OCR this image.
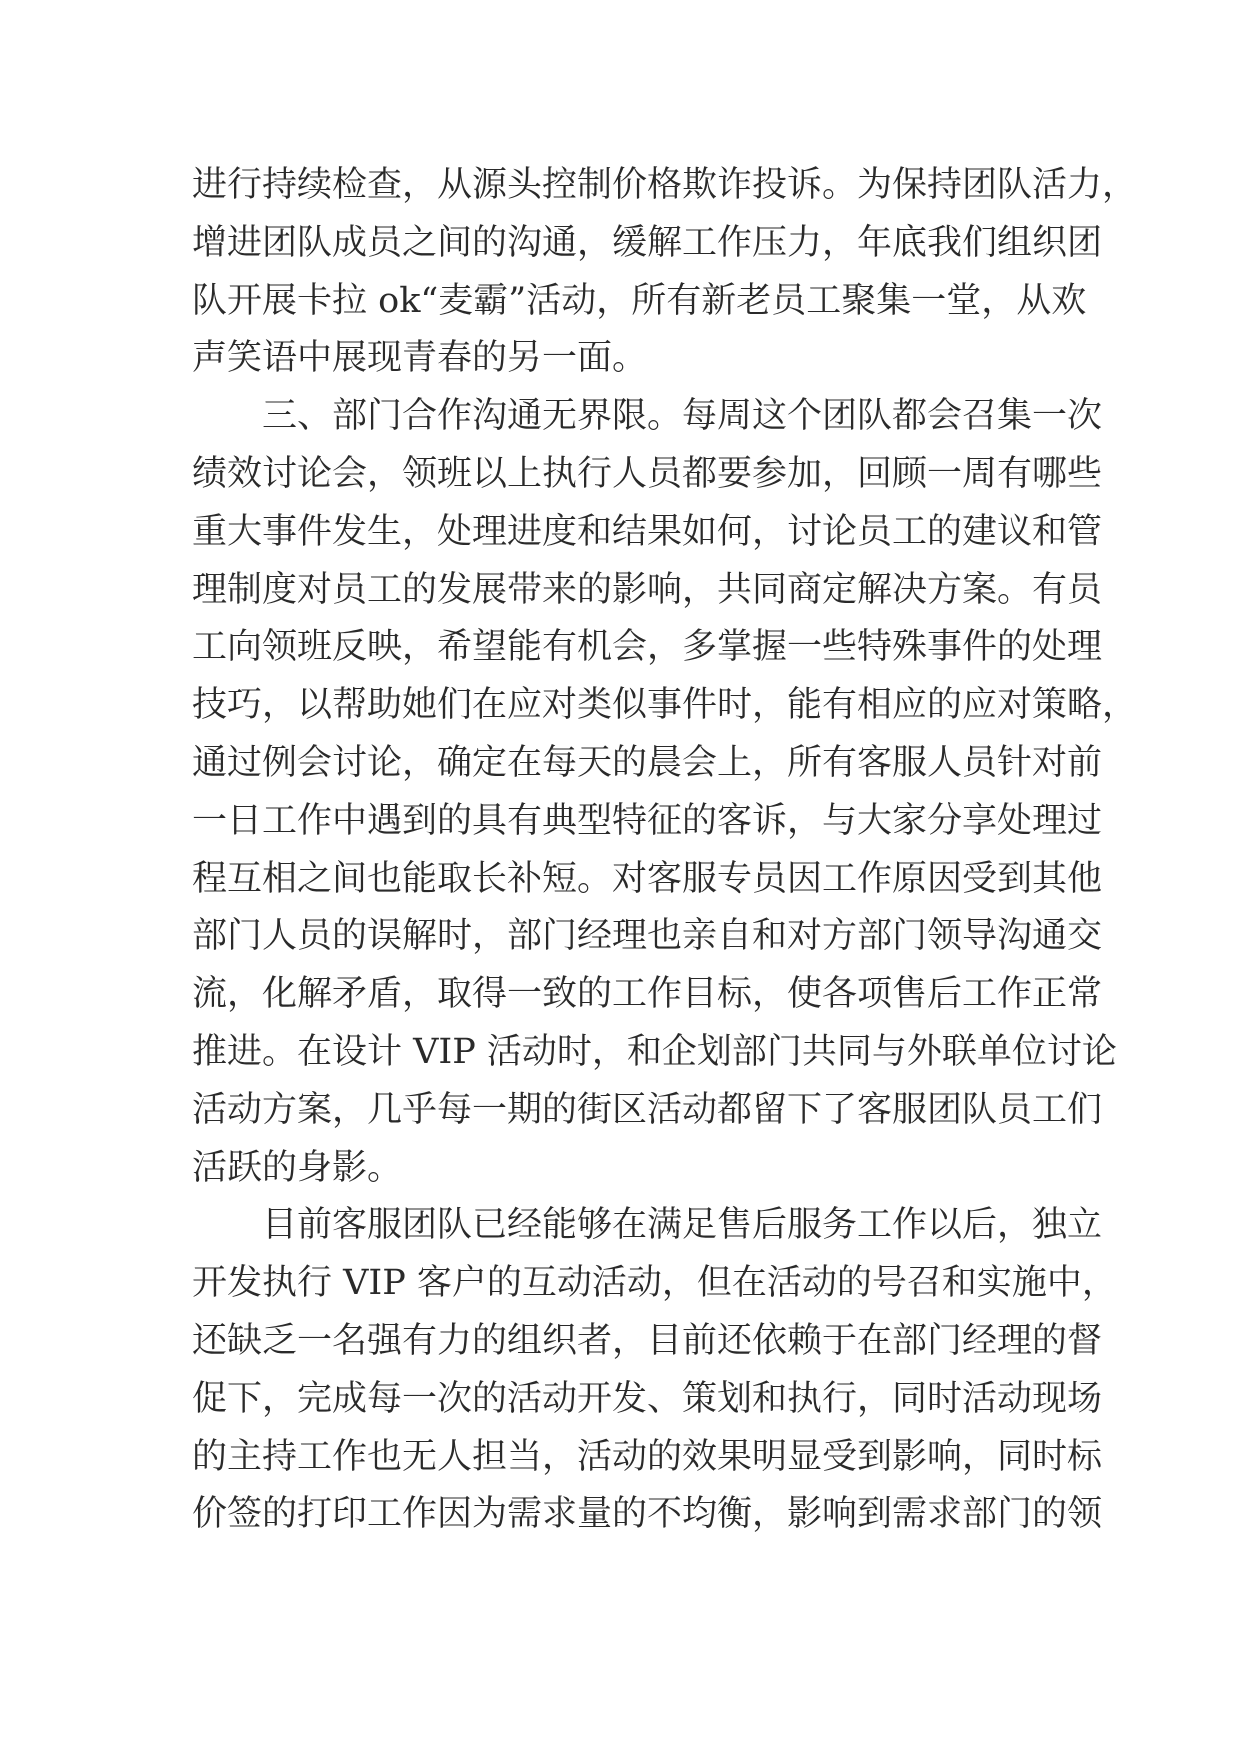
进行持续检查，从源头控制价格欺诈投诉。为保持团队活力，
增进团队成员之间的沟通，缓解工作压力，年底我们组织团
队开展卡拉 ok“麦霸”活动，所有新老员工聚集一堂，从欢
声笑语中展现青春的另一面。
三、部门合作沟通无界限。每周这个团队都会召集一次
绩效讨论会，领班以上执行人员都要参加，回顾一周有哪些
重大事件发生，处理进度和结果如何，讨论员工的建议和管
理制度对员工的发展带来的影响，共同商定解决方案。有员
工向领班反映，希望能有机会，多掌握一些特殊事件的处理
技巧，以帮助她们在应对类似事件时，能有相应的应对策略，
通过例会讨论，确定在每天的晨会上，所有客服人员针对前
一日工作中遇到的具有典型特征的客诉，与大家分享处理过
程互相之间也能取长补短。对客服专员因工作原因受到其他
部门人员的误解时，部门经理也亲自和对方部门领导沟通交
流，化解矛盾，取得一致的工作目标，使各项售后工作正常
推进。在设计 VIP 活动时，和企划部门共同与外联单位讨论
活动方案，几乎每一期的街区活动都留下了客服团队员工们
活跃的身影。
目前客服团队已经能够在满足售后服务工作以后，独立
开发执行 VIP 客户的互动活动，但在活动的号召和实施中，
还缺乏一名强有力的组织者，目前还依赖于在部门经理的督
促下，完成每一次的活动开发、策划和执行，同时活动现场
的主持工作也无人担当，活动的效果明显受到影响，同时标
价签的打印工作因为需求量的不均衡，影响到需求部门的领
